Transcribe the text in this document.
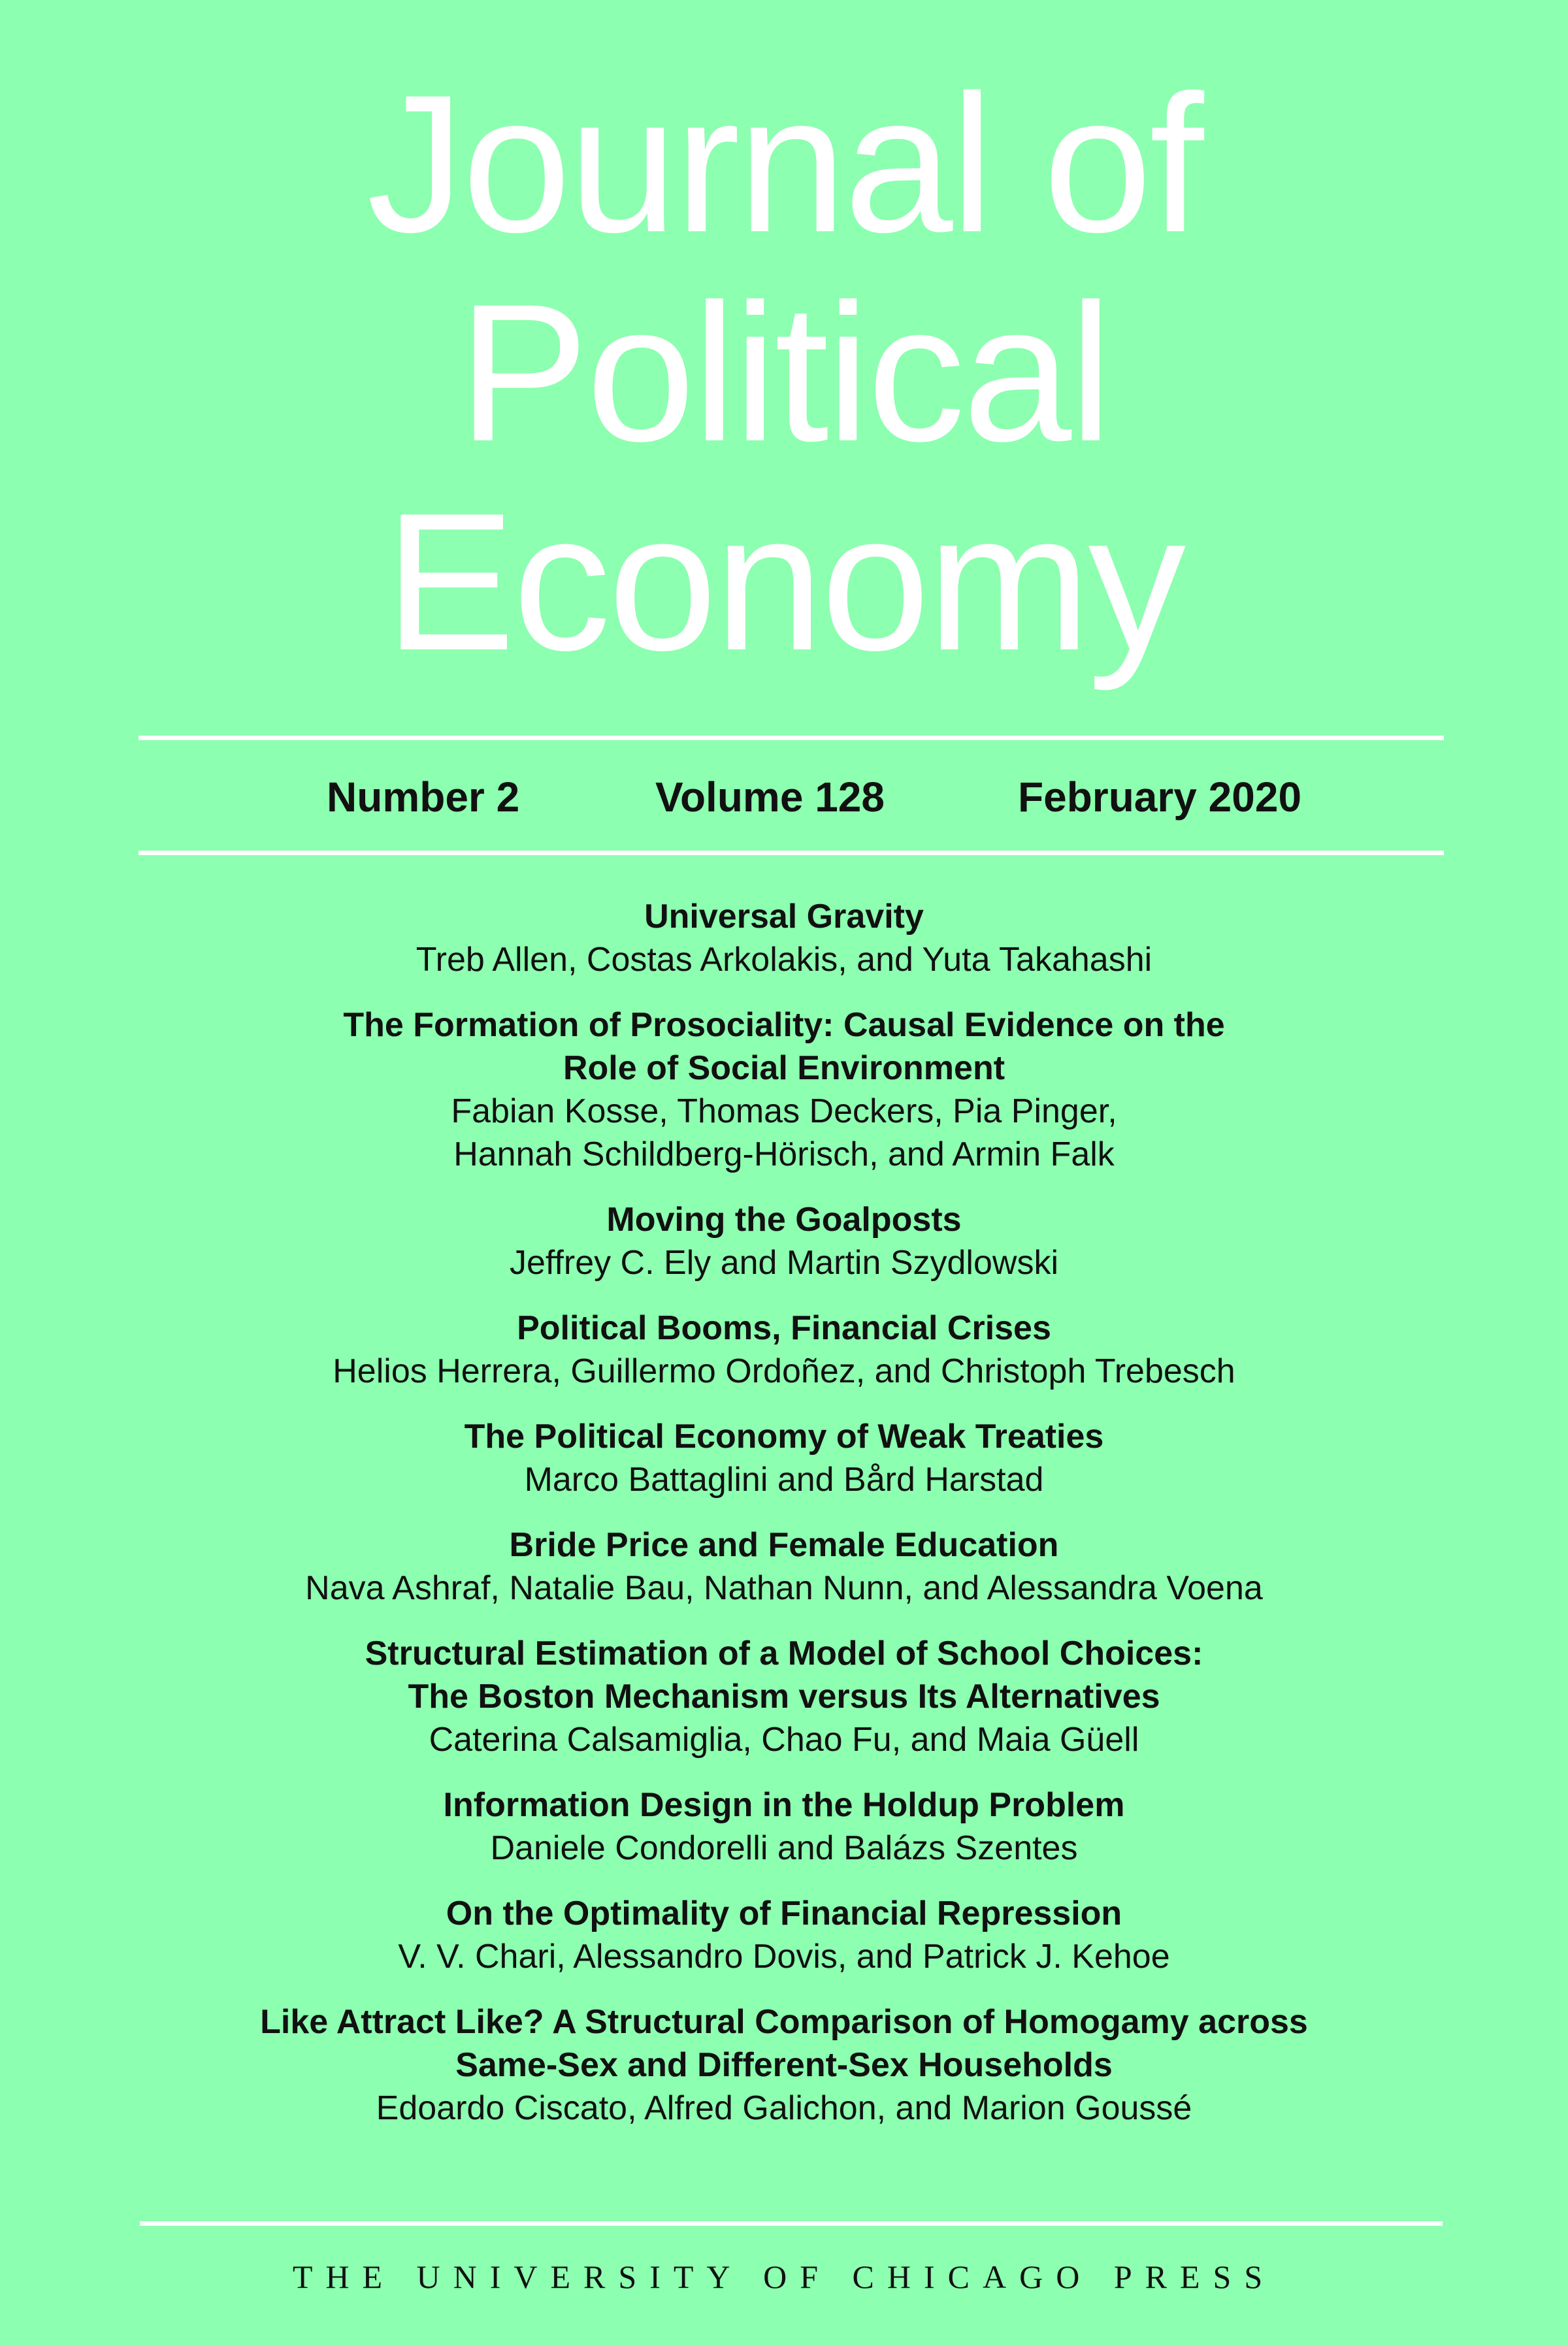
Journal of
Political
Economy
Number 2	Volume 128	February 2020
Universal Gravity
Treb Allen, Costas Arkolakis, and Yuta Takahashi
The Formation of Prosociality: Causal Evidence on the
Role of Social Environment
Fabian Kosse, Thomas Deckers, Pia Pinger,
Hannah Schildberg-Hörisch, and Armin Falk
Moving the Goalposts
Jeffrey C. Ely and Martin Szydlowski
Political Booms, Financial Crises
Helios Herrera, Guillermo Ordoñez, and Christoph Trebesch
The Political Economy of Weak Treaties
Marco Battaglini and Bård Harstad
Bride Price and Female Education
Nava Ashraf, Natalie Bau, Nathan Nunn, and Alessandra Voena
Structural Estimation of a Model of School Choices:
The Boston Mechanism versus Its Alternatives
Caterina Calsamiglia, Chao Fu, and Maia Güell
Information Design in the Holdup Problem
Daniele Condorelli and Balázs Szentes
On the Optimality of Financial Repression
V. V. Chari, Alessandro Dovis, and Patrick J. Kehoe
Like Attract Like? A Structural Comparison of Homogamy across
Same-Sex and Different-Sex Households
Edoardo Ciscato, Alfred Galichon, and Marion Goussé
THE UNIVERSITY OF CHICAGO PRESS
